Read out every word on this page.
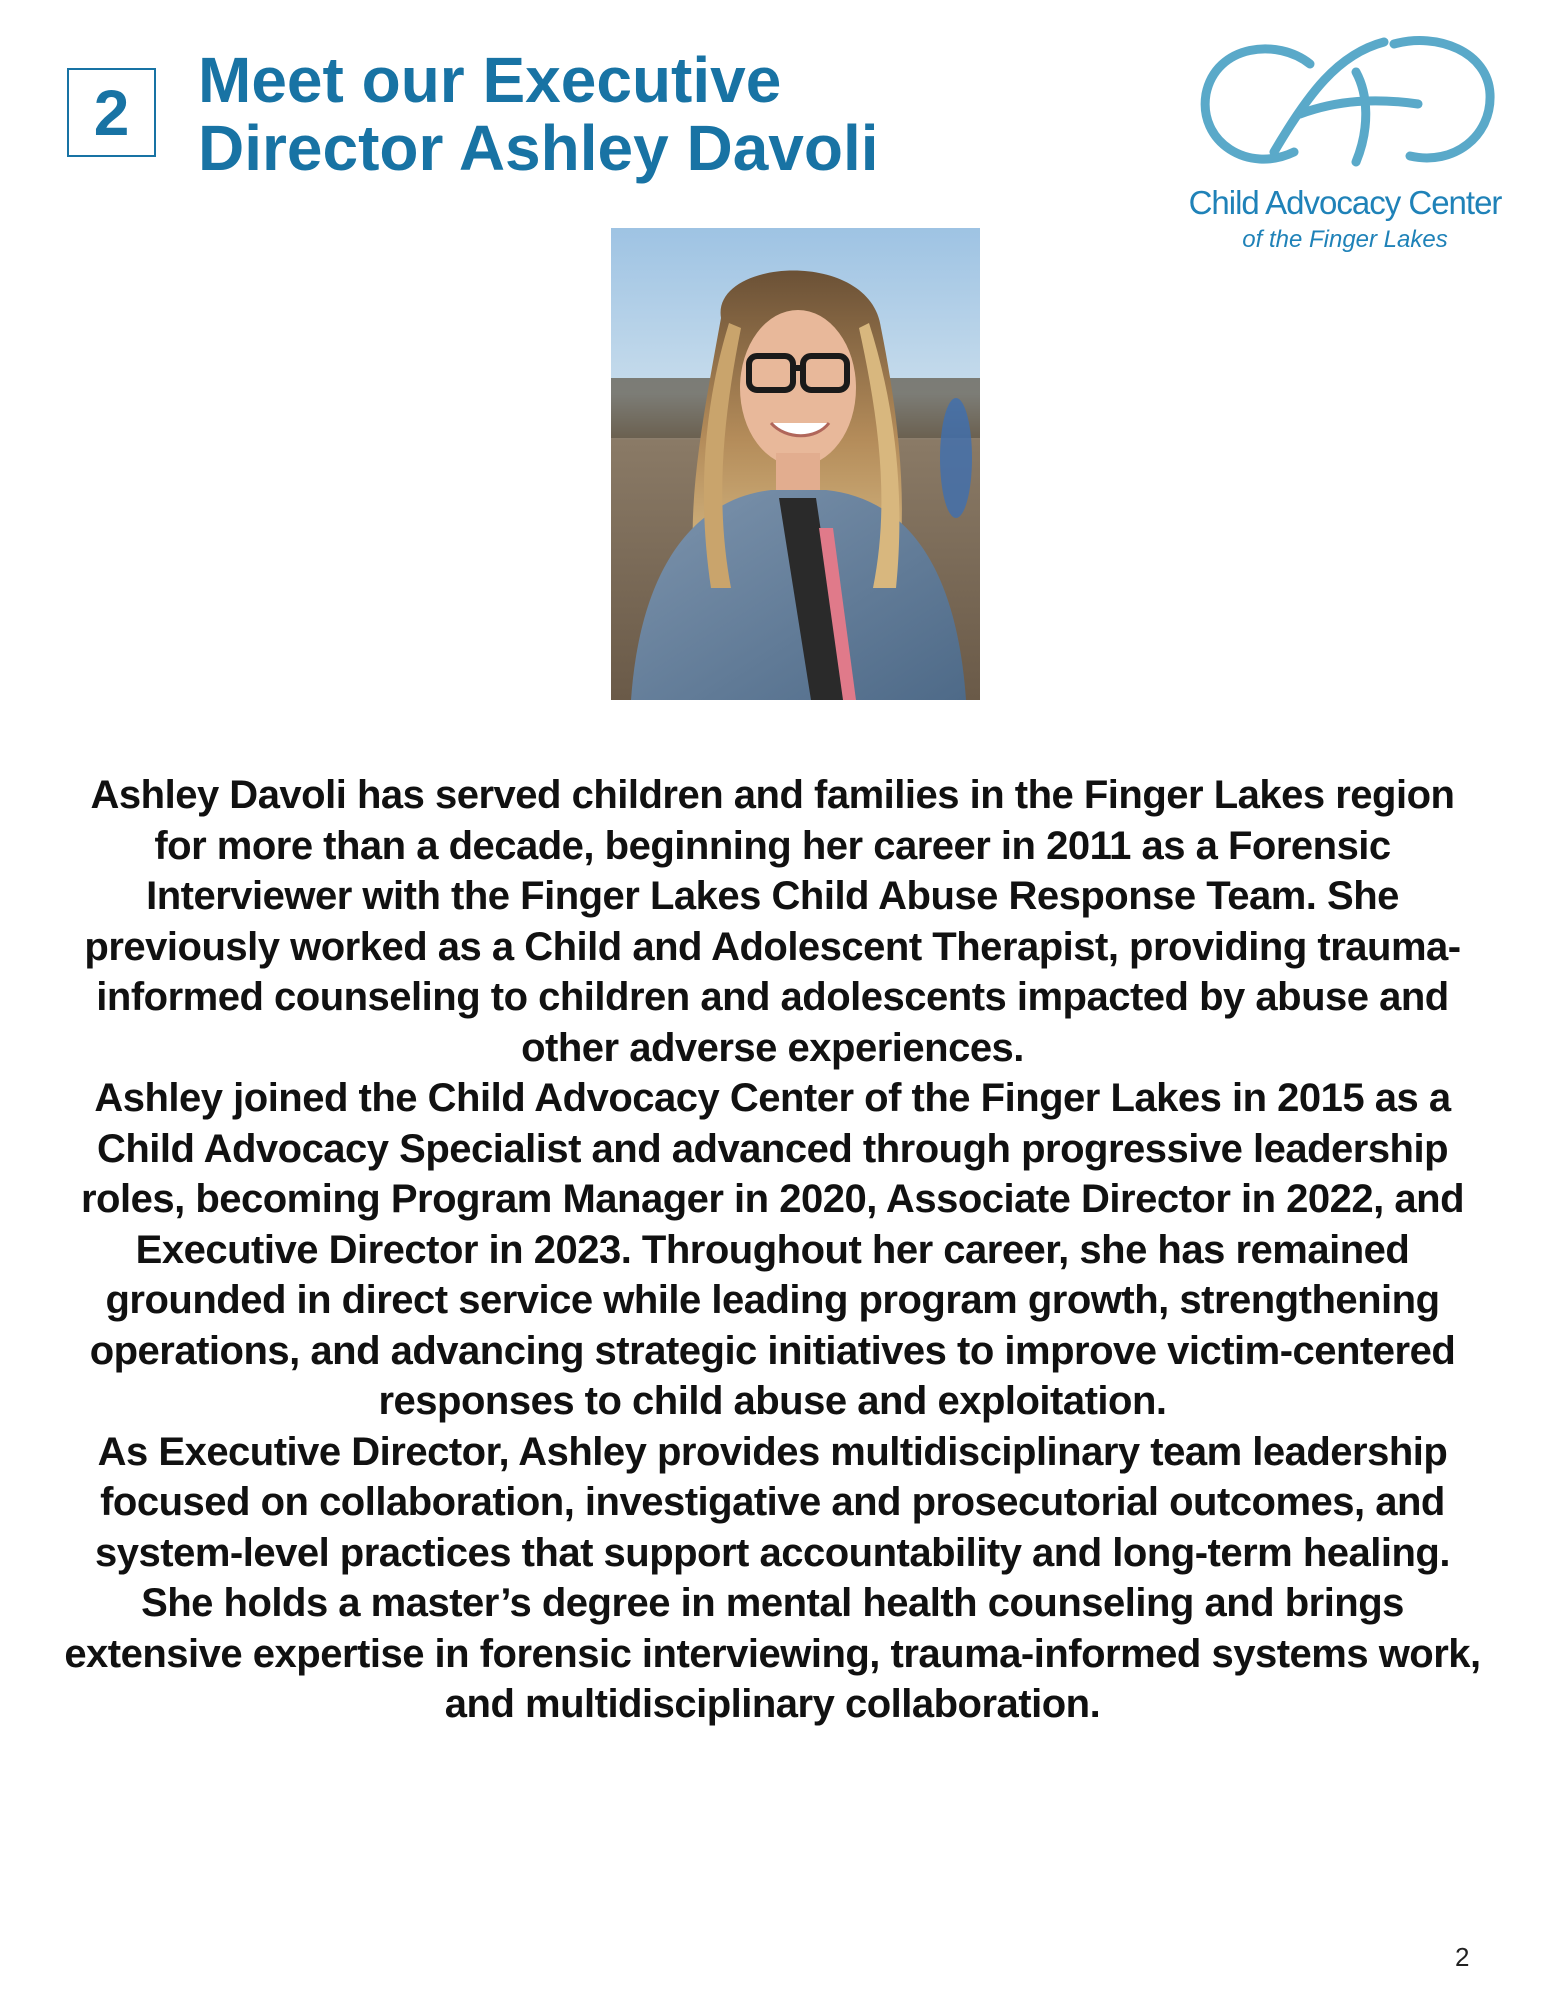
2	Meet our Executive
Director Ashley Davoli
Child Advocacy Center
of the Finger Lakes

Ashley Davoli has served children and families in the Finger Lakes region for more than a decade, beginning her career in 2011 as a Forensic Interviewer with the Finger Lakes Child Abuse Response Team. She previously worked as a Child and Adolescent Therapist, providing trauma-informed counseling to children and adolescents impacted by abuse and other adverse experiences.

Ashley joined the Child Advocacy Center of the Finger Lakes in 2015 as a Child Advocacy Specialist and advanced through progressive leadership roles, becoming Program Manager in 2020, Associate Director in 2022, and Executive Director in 2023. Throughout her career, she has remained grounded in direct service while leading program growth, strengthening operations, and advancing strategic initiatives to improve victim-centered responses to child abuse and exploitation.

As Executive Director, Ashley provides multidisciplinary team leadership focused on collaboration, investigative and prosecutorial outcomes, and system-level practices that support accountability and long-term healing. She holds a master’s degree in mental health counseling and brings extensive expertise in forensic interviewing, trauma-informed systems work, and multidisciplinary collaboration.

2
